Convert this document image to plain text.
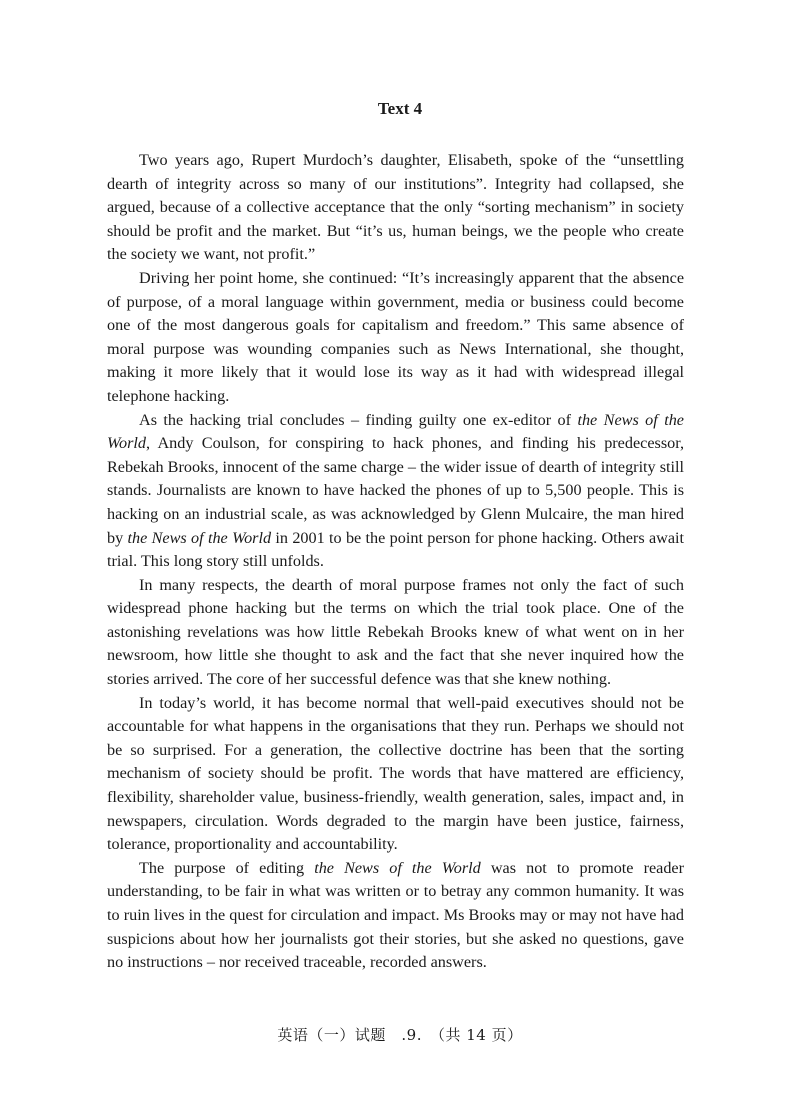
Text 4

Two years ago, Rupert Murdoch’s daughter, Elisabeth, spoke of the “unsettling dearth of integrity across so many of our institutions”. Integrity had collapsed, she argued, because of a collective acceptance that the only “sorting mechanism” in society should be profit and the market. But “it’s us, human beings, we the people who create the society we want, not profit.”

Driving her point home, she continued: “It’s increasingly apparent that the absence of purpose, of a moral language within government, media or business could become one of the most dangerous goals for capitalism and freedom.” This same absence of moral purpose was wounding companies such as News International, she thought, making it more likely that it would lose its way as it had with widespread illegal telephone hacking.

As the hacking trial concludes – finding guilty one ex-editor of the News of the World, Andy Coulson, for conspiring to hack phones, and finding his predecessor, Rebekah Brooks, innocent of the same charge – the wider issue of dearth of integrity still stands. Journalists are known to have hacked the phones of up to 5,500 people. This is hacking on an industrial scale, as was acknowledged by Glenn Mulcaire, the man hired by the News of the World in 2001 to be the point person for phone hacking. Others await trial. This long story still unfolds.

In many respects, the dearth of moral purpose frames not only the fact of such widespread phone hacking but the terms on which the trial took place. One of the astonishing revelations was how little Rebekah Brooks knew of what went on in her newsroom, how little she thought to ask and the fact that she never inquired how the stories arrived. The core of her successful defence was that she knew nothing.

In today’s world, it has become normal that well-paid executives should not be accountable for what happens in the organisations that they run. Perhaps we should not be so surprised. For a generation, the collective doctrine has been that the sorting mechanism of society should be profit. The words that have mattered are efficiency, flexibility, shareholder value, business-friendly, wealth generation, sales, impact and, in newspapers, circulation. Words degraded to the margin have been justice, fairness, tolerance, proportionality and accountability.

The purpose of editing the News of the World was not to promote reader understanding, to be fair in what was written or to betray any common humanity. It was to ruin lives in the quest for circulation and impact. Ms Brooks may or may not have had suspicions about how her journalists got their stories, but she asked no questions, gave no instructions – nor received traceable, recorded answers.

英语（一）试题　.9.　（共 14 页）
